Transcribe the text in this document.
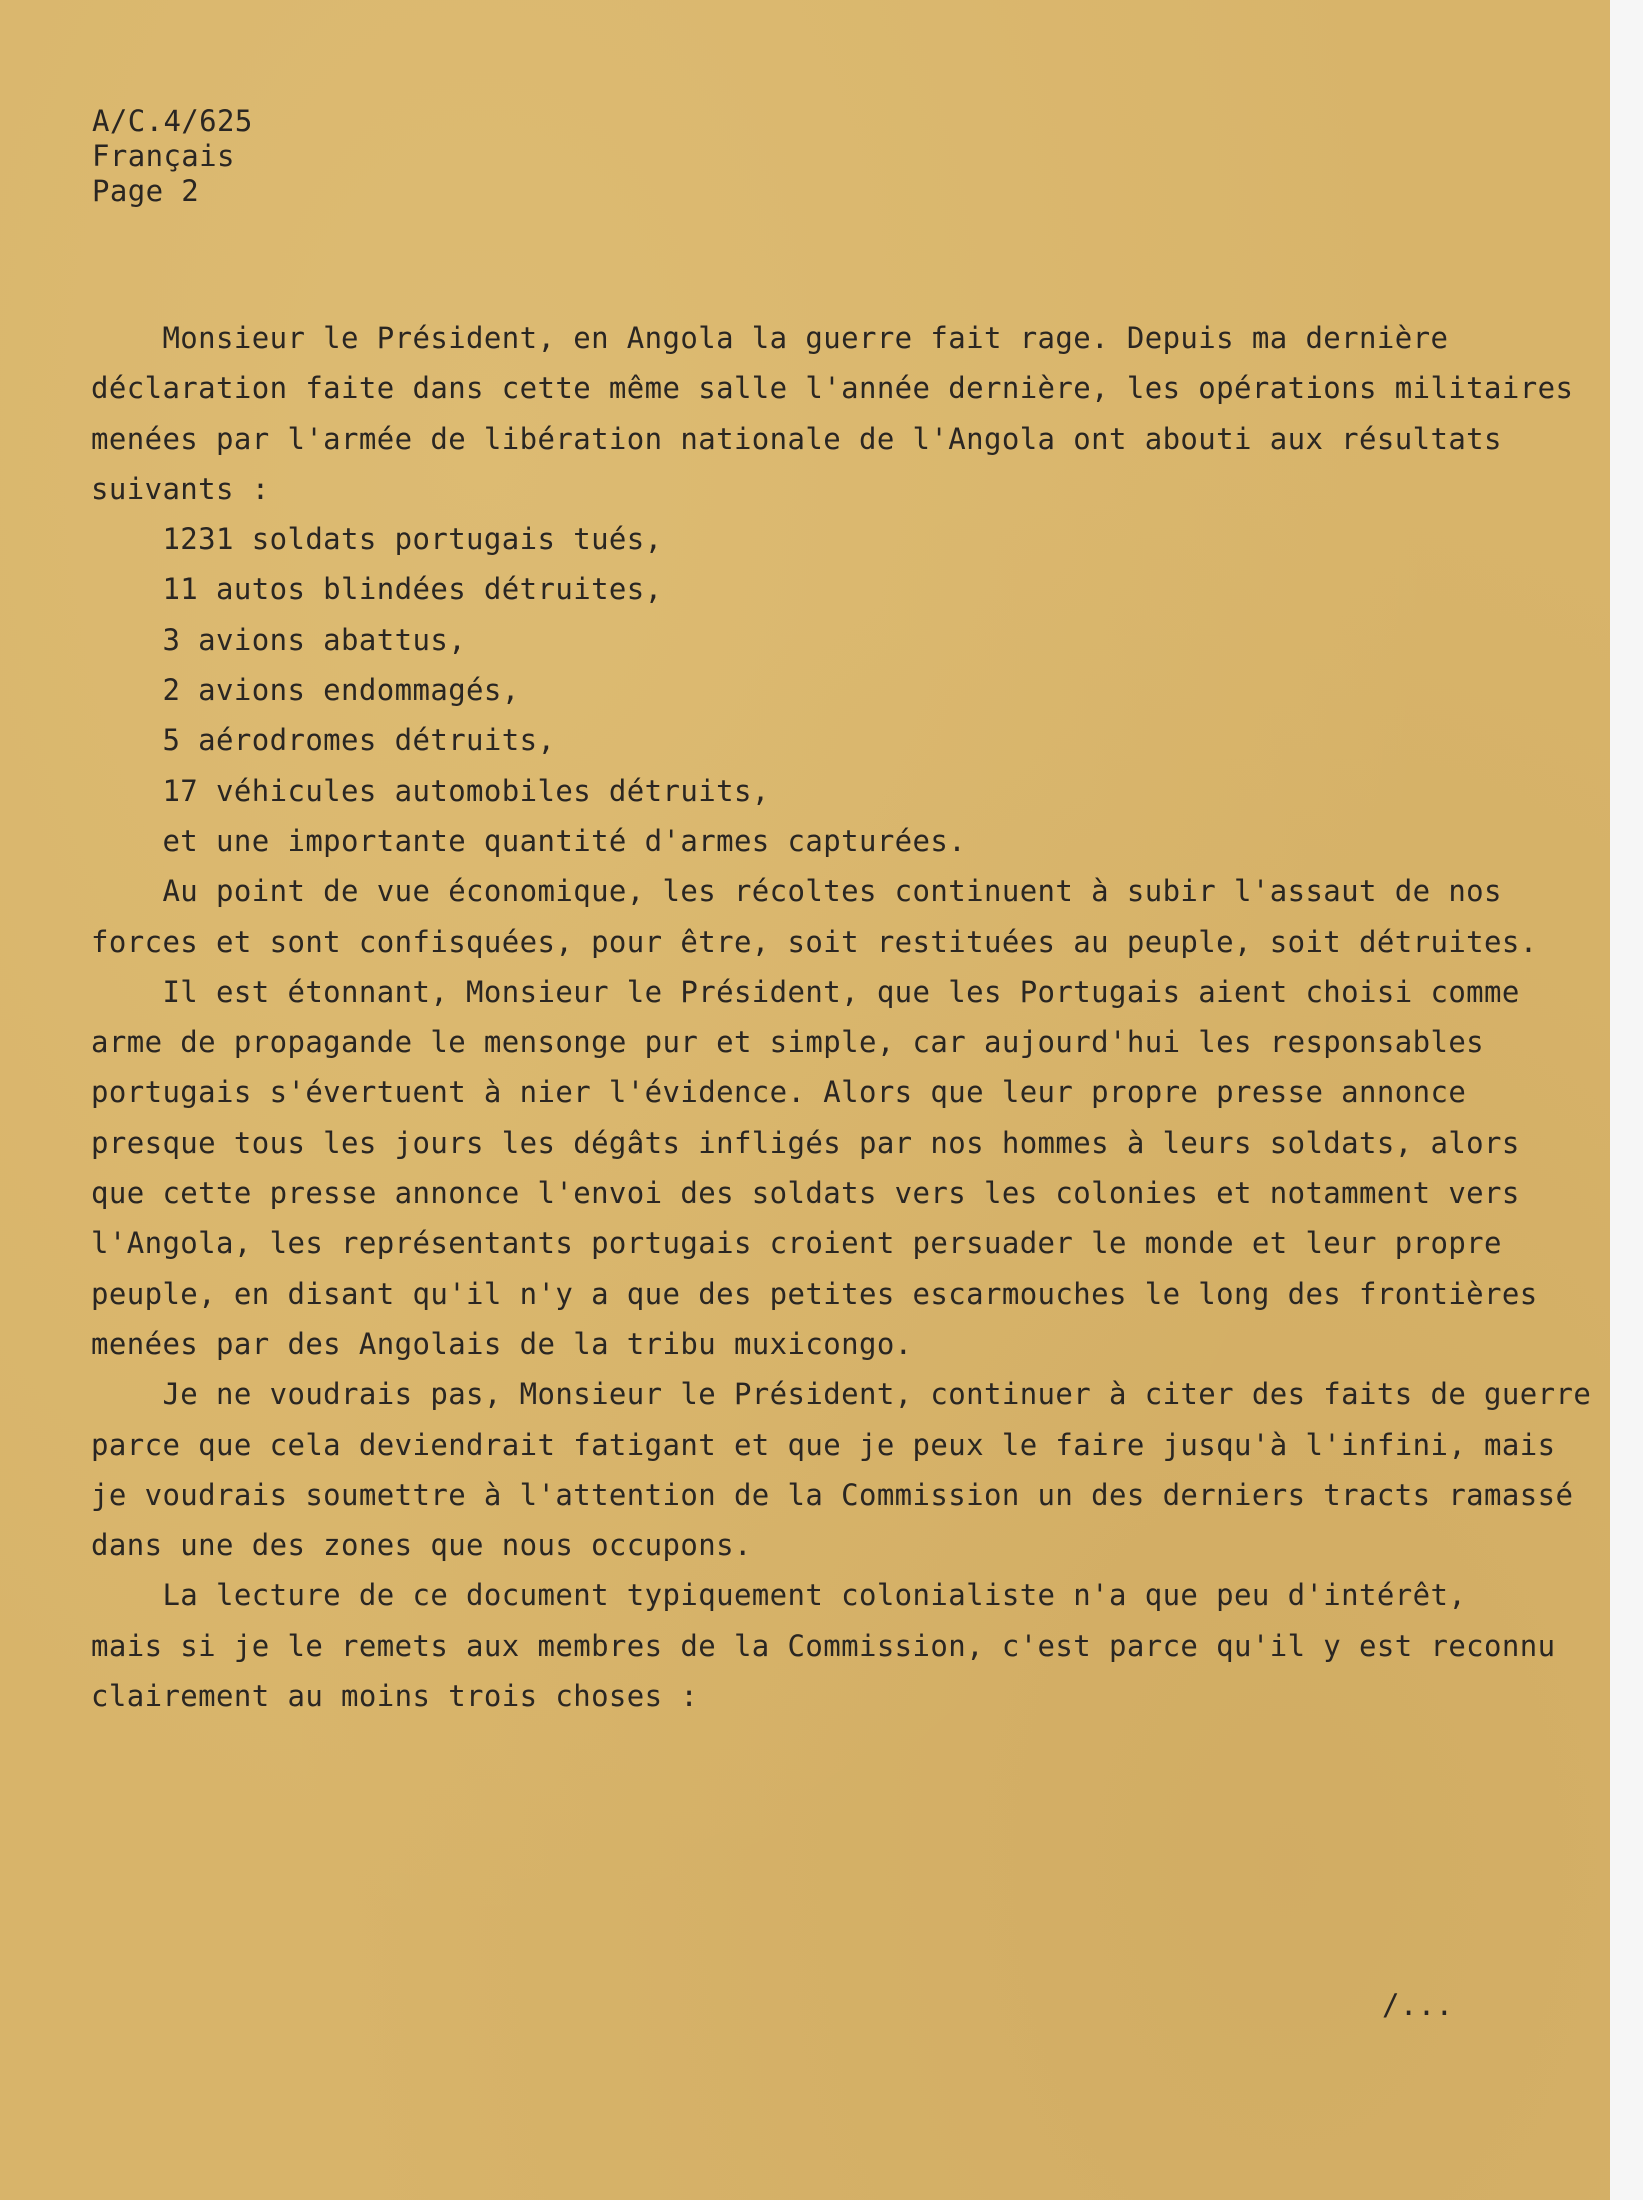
A/C.4/625
Français
Page 2
Monsieur le Président, en Angola la guerre fait rage. Depuis ma dernière
déclaration faite dans cette même salle l'année dernière, les opérations militaires
menées par l'armée de libération nationale de l'Angola ont abouti aux résultats
suivants :
1231 soldats portugais tués,
11 autos blindées détruites,
3 avions abattus,
2 avions endommagés,
5 aérodromes détruits,
17 véhicules automobiles détruits,
et une importante quantité d'armes capturées.
Au point de vue économique, les récoltes continuent à subir l'assaut de nos
forces et sont confisquées, pour être, soit restituées au peuple, soit détruites.
Il est étonnant, Monsieur le Président, que les Portugais aient choisi comme
arme de propagande le mensonge pur et simple, car aujourd'hui les responsables
portugais s'évertuent à nier l'évidence. Alors que leur propre presse annonce
presque tous les jours les dégâts infligés par nos hommes à leurs soldats, alors
que cette presse annonce l'envoi des soldats vers les colonies et notamment vers
l'Angola, les représentants portugais croient persuader le monde et leur propre
peuple, en disant qu'il n'y a que des petites escarmouches le long des frontières
menées par des Angolais de la tribu muxicongo.
Je ne voudrais pas, Monsieur le Président, continuer à citer des faits de guerre
parce que cela deviendrait fatigant et que je peux le faire jusqu'à l'infini, mais
je voudrais soumettre à l'attention de la Commission un des derniers tracts ramassé
dans une des zones que nous occupons.
La lecture de ce document typiquement colonialiste n'a que peu d'intérêt,
mais si je le remets aux membres de la Commission, c'est parce qu'il y est reconnu
clairement au moins trois choses :
/...
